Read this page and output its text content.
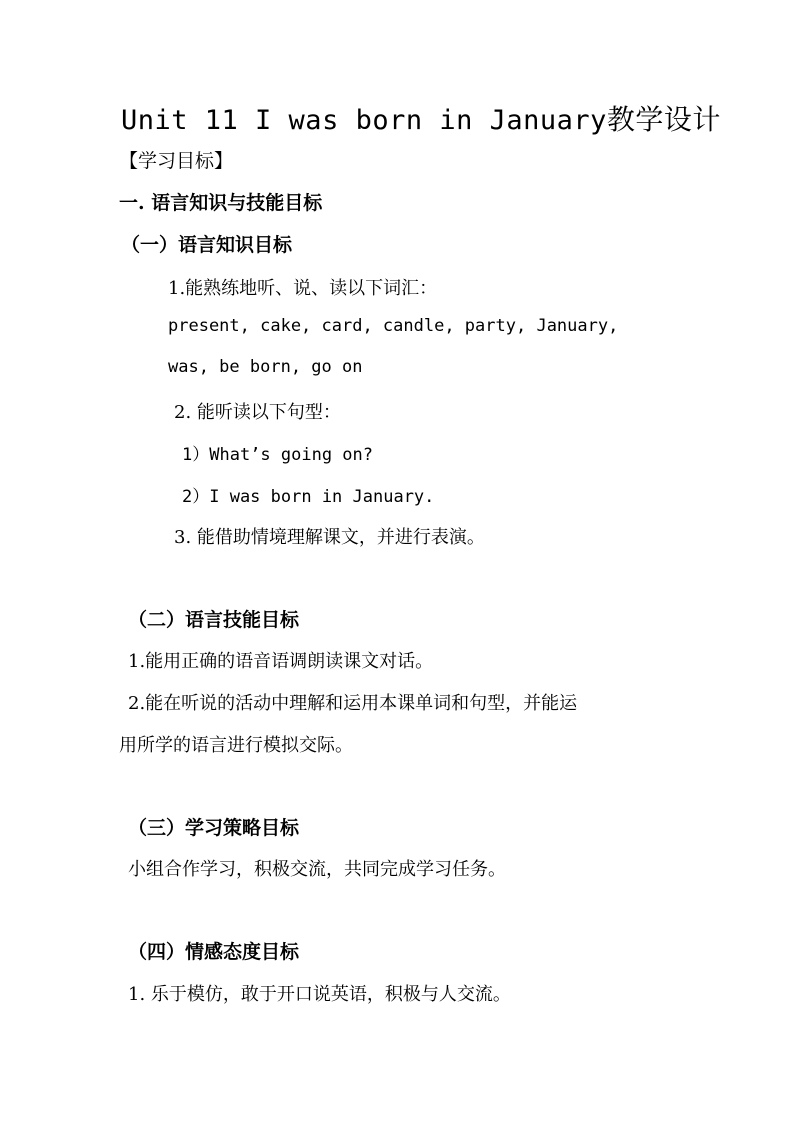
Unit 11 I was born in January教学设计
【学习目标】
一. 语言知识与技能目标
（一）语言知识目标
1.能熟练地听、说、读以下词汇：
present, cake, card, candle, party, January,
was, be born, go on
2. 能听读以下句型：
1）What’s going on?
2）I was born in January.
3. 能借助情境理解课文，并进行表演。
（二）语言技能目标
1.能用正确的语音语调朗读课文对话。
2.能在听说的活动中理解和运用本课单词和句型，并能运
用所学的语言进行模拟交际。
（三）学习策略目标
小组合作学习，积极交流，共同完成学习任务。
（四）情感态度目标
1. 乐于模仿，敢于开口说英语，积极与人交流。
